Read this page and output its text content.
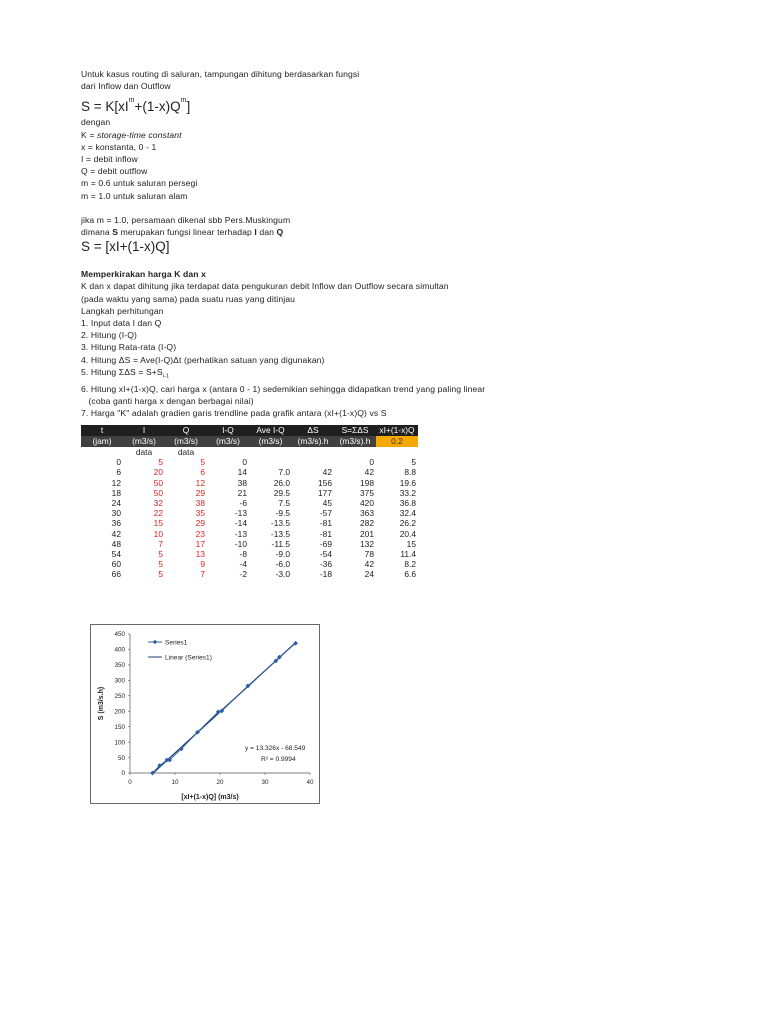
Untuk kasus routing di saluran, tampungan dihitung berdasarkan fungsi
dari Inflow dan Outflow
$S = K[xI^m+(1-x)Q^m]$
dengan
K = storage-time constant
x = konstanta, 0 - 1
I = debit inflow
Q = debit outflow
m = 0.6 untuk saluran persegi
m = 1.0 untuk saluran alam
jika m = 1.0, persamaan dikenal sbb Pers.Muskingum
dimana S merupakan fungsi linear terhadap I dan Q
S = [xI+(1-x)Q]
Memperkirakan harga K dan x
K dan x dapat dihitung jika terdapat data pengukuran debit Inflow dan Outflow secara simultan
(pada waktu yang sama) pada suatu ruas yang ditinjau
Langkah perhitungan
1. Input data I dan Q
2. Hitung (I-Q)
3. Hitung Rata-rata (I-Q)
4. Hitung ΔS = Ave(I-Q)Δt (perhatikan satuan yang digunakan)
5. Hitung $\Sigma\Delta S = S+S_{i-1}$
6. Hitung xI+(1-x)Q, cari harga x (antara 0 - 1) sedemikian sehingga didapatkan trend yang paling linear
(coba ganti harga x dengan berbagai nilai)
7. Harga "K" adalah gradien garis trendline pada grafik antara (xI+(1-x)Q) vs S
t	I	Q	I-Q	Ave I-Q	ΔS	S=ΣΔS	xI+(1-x)Q
(jam)	(m3/s)	(m3/s)	(m3/s)	(m3/s)	(m3/s).h	(m3/s).h	0.2
	data	data					
0	5	5	0			0	5
6	20	6	14	7.0	42	42	8.8
12	50	12	38	26.0	156	198	19.6
18	50	29	21	29.5	177	375	33.2
24	32	38	-6	7.5	45	420	36.8
30	22	35	-13	-9.5	-57	363	32.4
36	15	29	-14	-13.5	-81	282	26.2
42	10	23	-13	-13.5	-81	201	20.4
48	7	17	-10	-11.5	-69	132	15
54	5	13	-8	-9.0	-54	78	11.4
60	5	9	-4	-6.0	-36	42	8.2
66	5	7	-2	-3.0	-18	24	6.6
0
50
100
150
200
250
300
350
400
450
0	10	20	30	40
Series1
Linear (Series1)
y = 13.326x - 68.549
R² = 0.9994
[xI+(1-x)Q] (m3/s)
S (m3/s.h)
